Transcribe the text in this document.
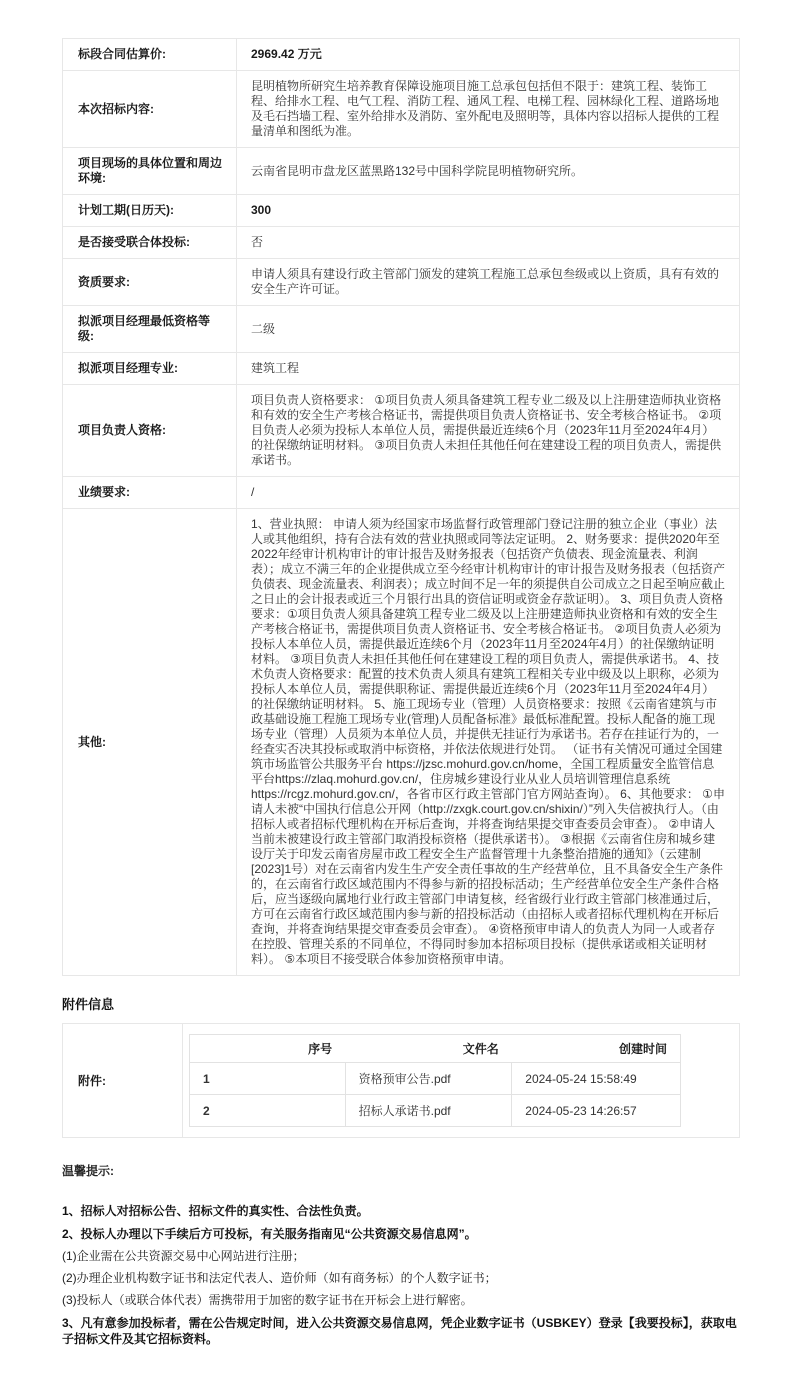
标段合同估算价:	2969.42 万元
本次招标内容:
昆明植物所研究生培养教育保障设施项目施工总承包包括但不限于：建筑工程、装饰工程、给排水工程、电气工程、消防工程、通风工程、电梯工程、园林绿化工程、道路场地及毛石挡墙工程、室外给排水及消防、室外配电及照明等，具体内容以招标人提供的工程量清单和图纸为准。
项目现场的具体位置和周边环境:
云南省昆明市盘龙区蓝黑路132号中国科学院昆明植物研究所。
计划工期(日历天):	300
是否接受联合体投标:	否
资质要求:
申请人须具有建设行政主管部门颁发的建筑工程施工总承包叁级或以上资质，具有有效的安全生产许可证。
拟派项目经理最低资格等级:
二级
拟派项目经理专业:	建筑工程
项目负责人资格:
项目负责人资格要求： ①项目负责人须具备建筑工程专业二级及以上注册建造师执业资格和有效的安全生产考核合格证书，需提供项目负责人资格证书、安全考核合格证书。 ②项目负责人必须为投标人本单位人员，需提供最近连续6个月（2023年11月至2024年4月）的社保缴纳证明材料。 ③项目负责人未担任其他任何在建建设工程的项目负责人，需提供承诺书。
业绩要求:	/
其他:
1、营业执照： 申请人须为经国家市场监督行政管理部门登记注册的独立企业（事业）法人或其他组织，持有合法有效的营业执照或同等法定证明。 2、财务要求：提供2020年至2022年经审计机构审计的审计报告及财务报表（包括资产负债表、现金流量表、利润表）；成立不满三年的企业提供成立至今经审计机构审计的审计报告及财务报表（包括资产负债表、现金流量表、利润表）；成立时间不足一年的须提供自公司成立之日起至响应截止之日止的会计报表或近三个月银行出具的资信证明或资金存款证明）。 3、项目负责人资格要求：①项目负责人须具备建筑工程专业二级及以上注册建造师执业资格和有效的安全生产考核合格证书，需提供项目负责人资格证书、安全考核合格证书。 ②项目负责人必须为投标人本单位人员，需提供最近连续6个月（2023年11月至2024年4月）的社保缴纳证明材料。 ③项目负责人未担任其他任何在建建设工程的项目负责人，需提供承诺书。 4、技术负责人资格要求：配置的技术负责人须具有建筑工程相关专业中级及以上职称，必须为投标人本单位人员，需提供职称证、需提供最近连续6个月（2023年11月至2024年4月）的社保缴纳证明材料。 5、施工现场专业（管理）人员资格要求：按照《云南省建筑与市政基础设施工程施工现场专业(管理)人员配备标准》最低标准配置。投标人配备的施工现场专业（管理）人员须为本单位人员，并提供无挂证行为承诺书。若存在挂证行为的，一经查实否决其投标或取消中标资格，并依法依规进行处罚。 （证书有关情况可通过全国建筑市场监管公共服务平台 https://jzsc.mohurd.gov.cn/home，全国工程质量安全监管信息平台https://zlaq.mohurd.gov.cn/，住房城乡建设行业从业人员培训管理信息系统https://rcgz.mohurd.gov.cn/，各省市区行政主管部门官方网站查询）。 6、其他要求： ①申请人未被“中国执行信息公开网（http://zxgk.court.gov.cn/shixin/）”列入失信被执行人。（由招标人或者招标代理机构在开标后查询，并将查询结果提交审查委员会审查）。 ②申请人当前未被建设行政主管部门取消投标资格（提供承诺书）。 ③根据《云南省住房和城乡建设厅关于印发云南省房屋市政工程安全生产监督管理十九条整治措施的通知》（云建制[2023]1号）对在云南省内发生生产安全责任事故的生产经营单位，且不具备安全生产条件的，在云南省行政区域范围内不得参与新的招投标活动；生产经营单位安全生产条件合格后，应当逐级向属地行业行政主管部门申请复核，经省级行业行政主管部门核准通过后，方可在云南省行政区域范围内参与新的招投标活动（由招标人或者招标代理机构在开标后查询，并将查询结果提交审查委员会审查）。 ④资格预审申请人的负责人为同一人或者存在控股、管理关系的不同单位，不得同时参加本招标项目投标（提供承诺或相关证明材料）。 ⑤本项目不接受联合体参加资格预审申请。
附件信息
附件:
序号	文件名	创建时间
1	资格预审公告.pdf	2024-05-24 15:58:49
2	招标人承诺书.pdf	2024-05-23 14:26:57
温馨提示:
1、招标人对招标公告、招标文件的真实性、合法性负责。
2、投标人办理以下手续后方可投标，有关服务指南见“公共资源交易信息网”。
(1)企业需在公共资源交易中心网站进行注册；
(2)办理企业机构数字证书和法定代表人、造价师（如有商务标）的个人数字证书；
(3)投标人（或联合体代表）需携带用于加密的数字证书在开标会上进行解密。
3、凡有意参加投标者，需在公告规定时间，进入公共资源交易信息网，凭企业数字证书（USBKEY）登录【我要投标】，获取电子招标文件及其它招标资料。
